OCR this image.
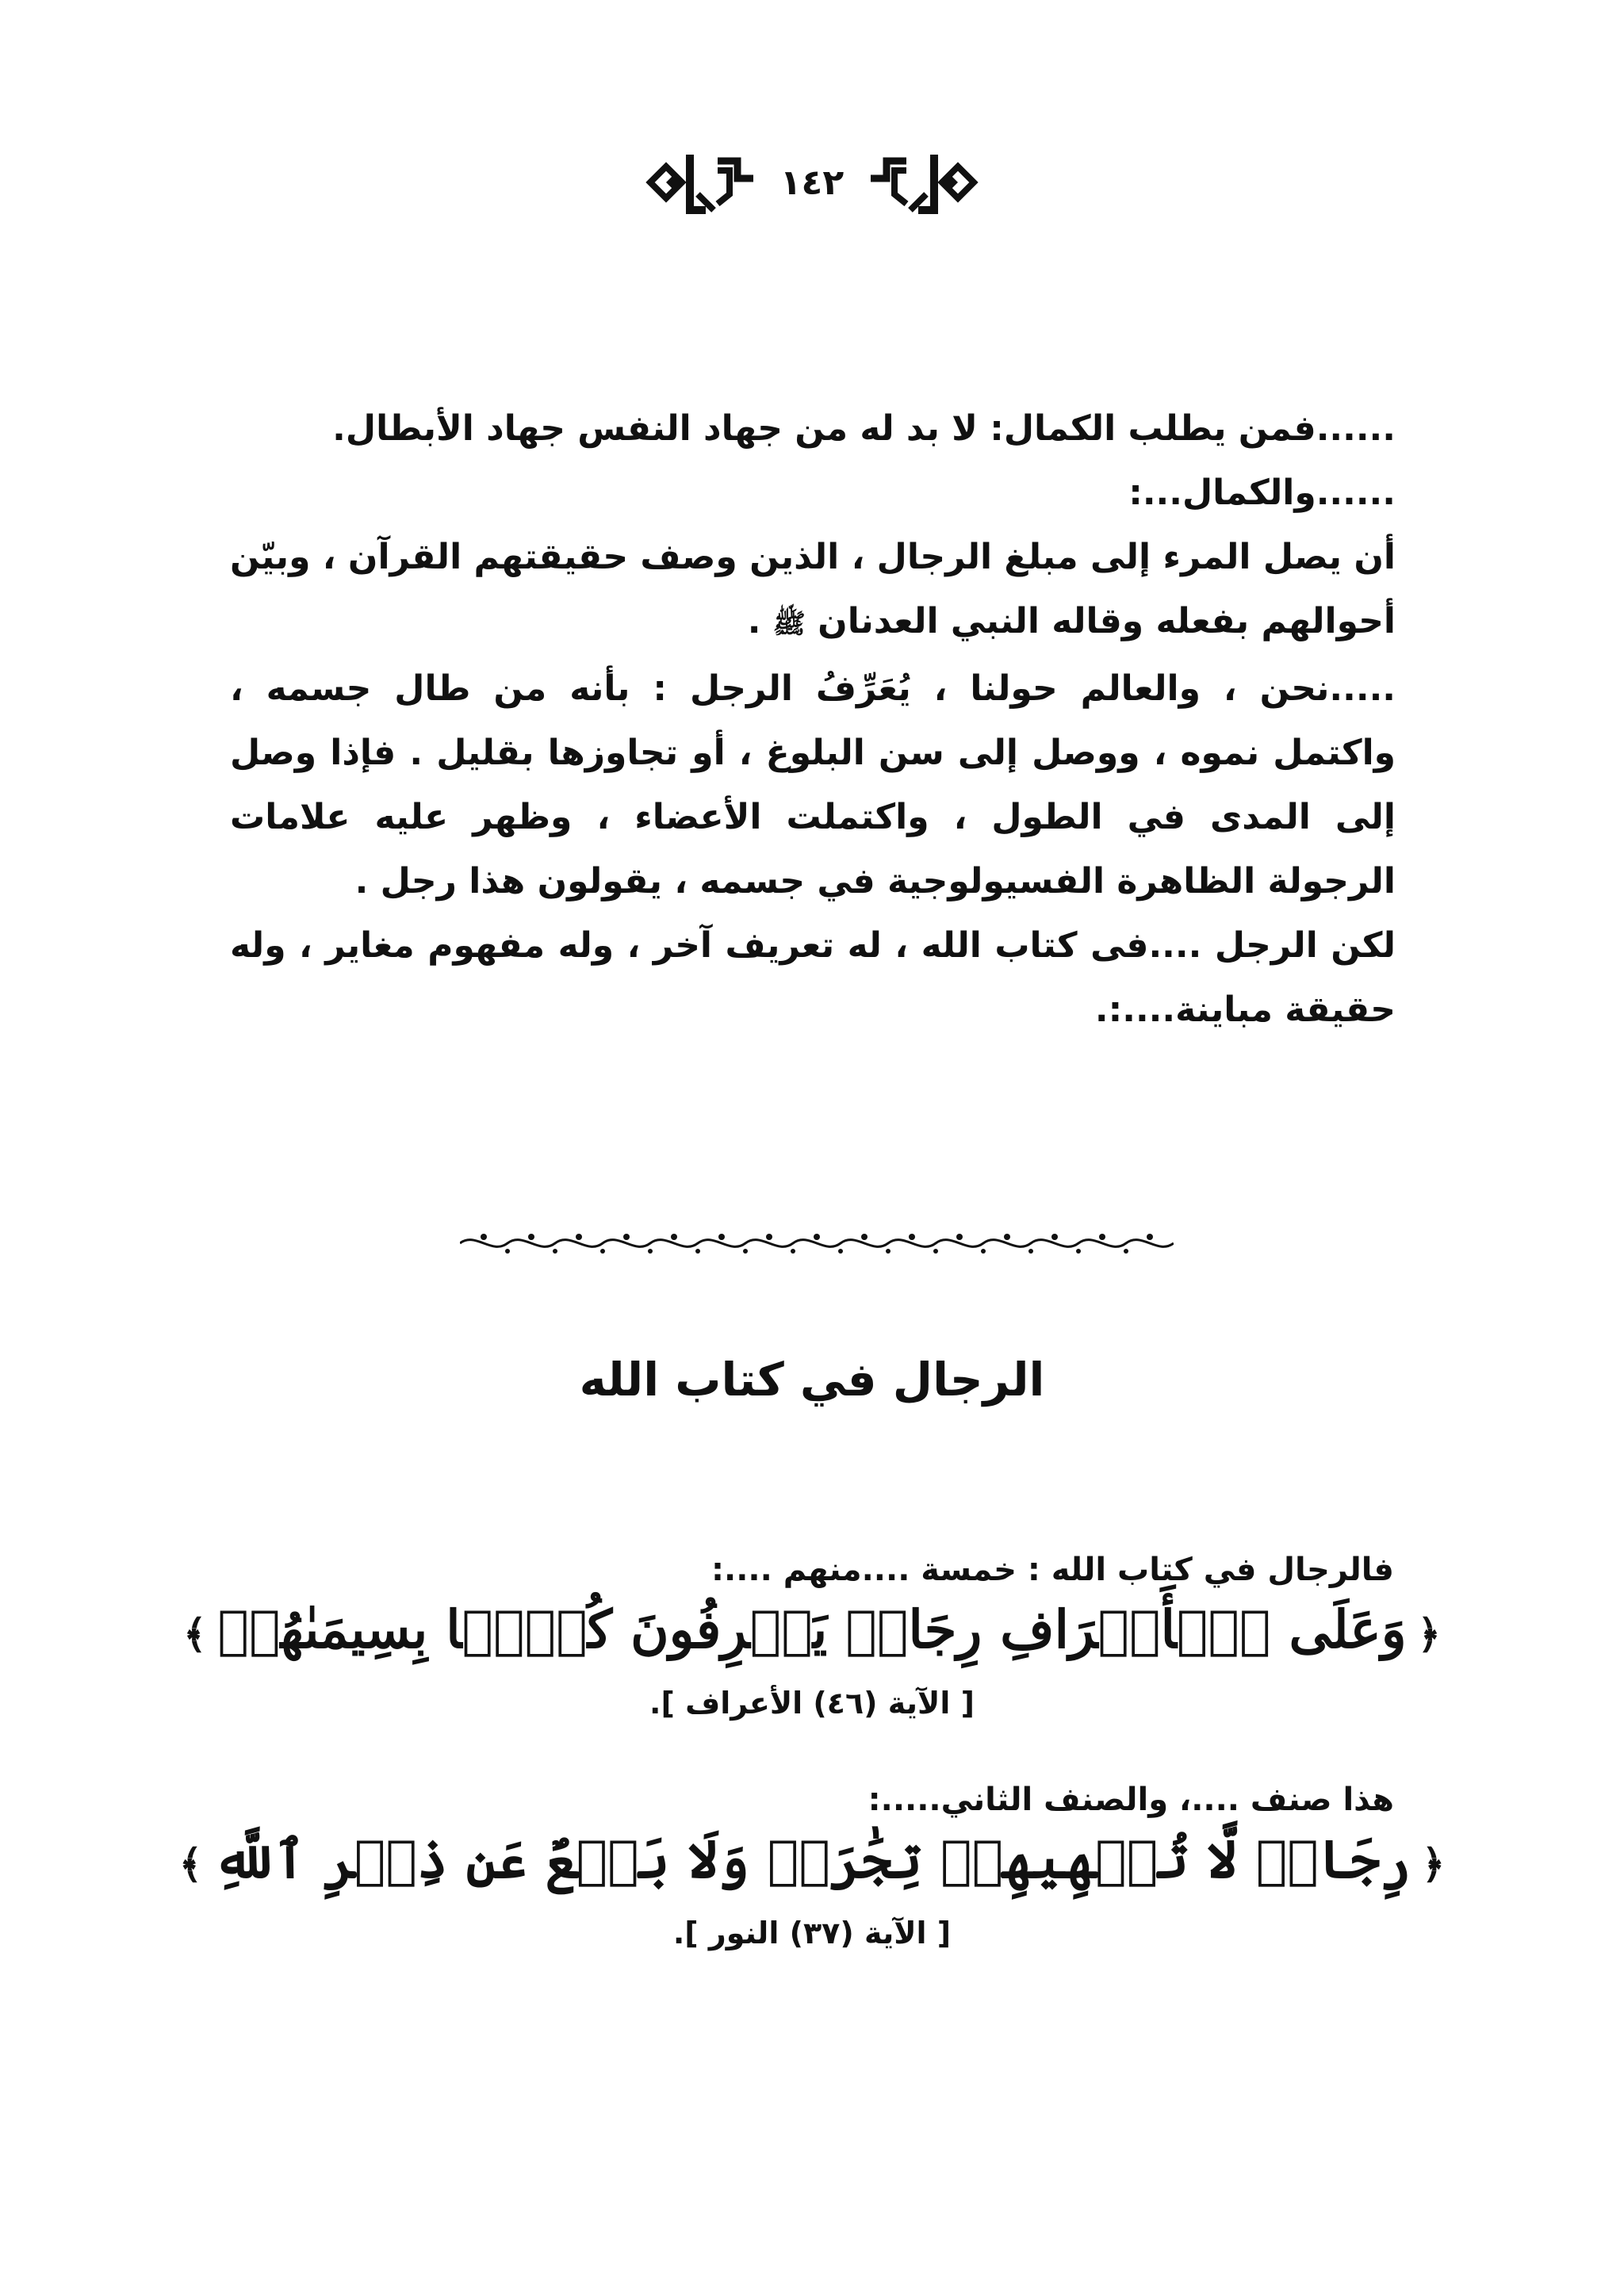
١٤٢

......فمن يطلب الكمال: لا بد له من جهاد النفس جهاد الأبطال.

......والكمال...:

أن يصل المرء إلى مبلغ الرجال ، الذين وصف حقيقتهم القرآن ، وبيّن أحوالهم بفعله وقاله النبي العدنان ﷺ .

.....نحن ، والعالم حولنا ، يُعَرِّفُ الرجل : بأنه من طال جسمه ، واكتمل نموه ، ووصل إلى سن البلوغ ، أو تجاوزها بقليل . فإذا وصل إلى المدى في الطول ، واكتملت الأعضاء ، وظهر عليه علامات الرجولة الظاهرة الفسيولوجية في جسمه ، يقولون هذا رجل .

لكن الرجل ....فى كتاب الله ، له تعريف آخر ، وله مفهوم مغاير ، وله حقيقة مباينة....:.

الرجال في كتاب الله
فالرجال في كتاب الله : خمسة ....منهم ....:
﴿وَعَلَى ٱلۡأَعۡرَافِ رِجَالٞ يَعۡرِفُونَ كُلَّۢا بِسِيمَىٰهُمۡ﴾
[ الآية (٤٦) الأعراف ].
هذا صنف ....، والصنف الثاني.....:
﴿رِجَالٞ لَّا تُلۡهِيهِمۡ تِجَٰرَةٞ وَلَا بَيۡعٌ عَن ذِكۡرِ ٱللَّهِ﴾
[ الآية (٣٧) النور ].
